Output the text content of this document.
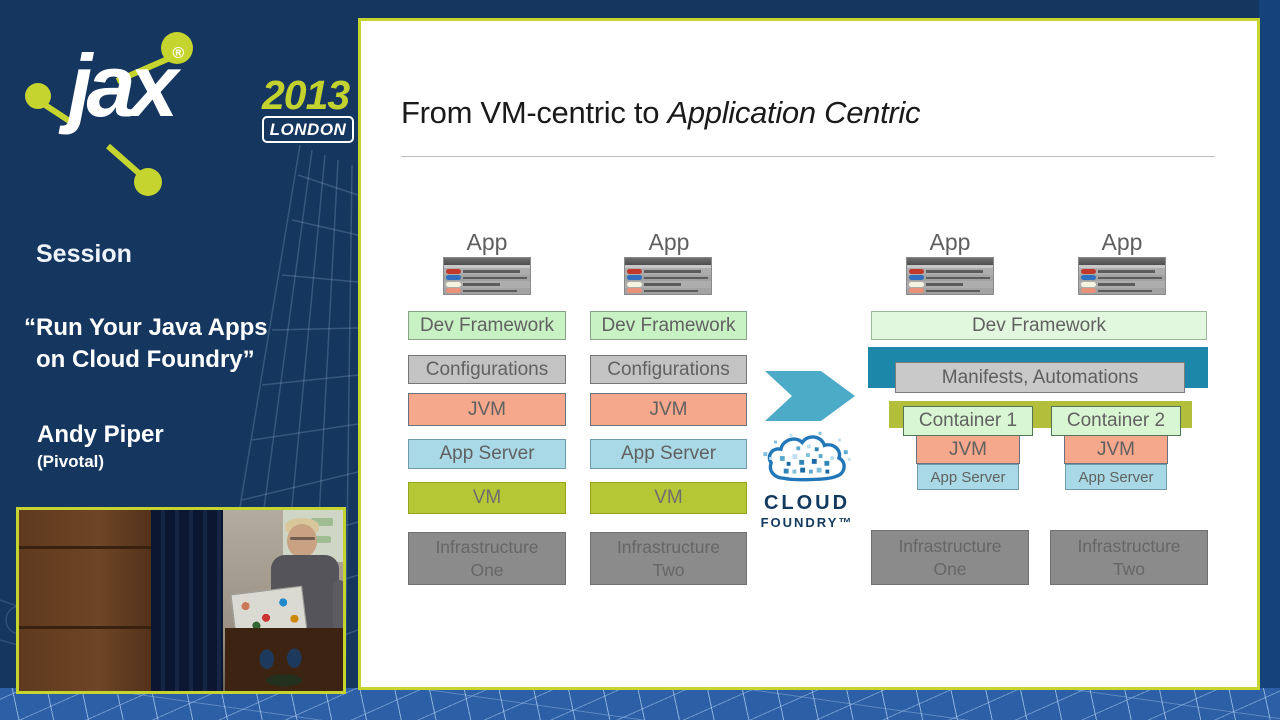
jax®
2013
LONDON
Session
“Run Your Java Apps
on Cloud Foundry”
Andy Piper
(Pivotal)
From VM-centric to Application Centric
App
Dev Framework
Configurations
JVM
App Server
VM
Infrastructure
One
App
Dev Framework
Configurations
JVM
App Server
VM
Infrastructure
Two
CLOUD
FOUNDRY™
App	App
Dev Framework
Manifests, Automations
Container 1	Container 2
JVM	JVM
App Server	App Server
Infrastructure
One
Infrastructure
Two
